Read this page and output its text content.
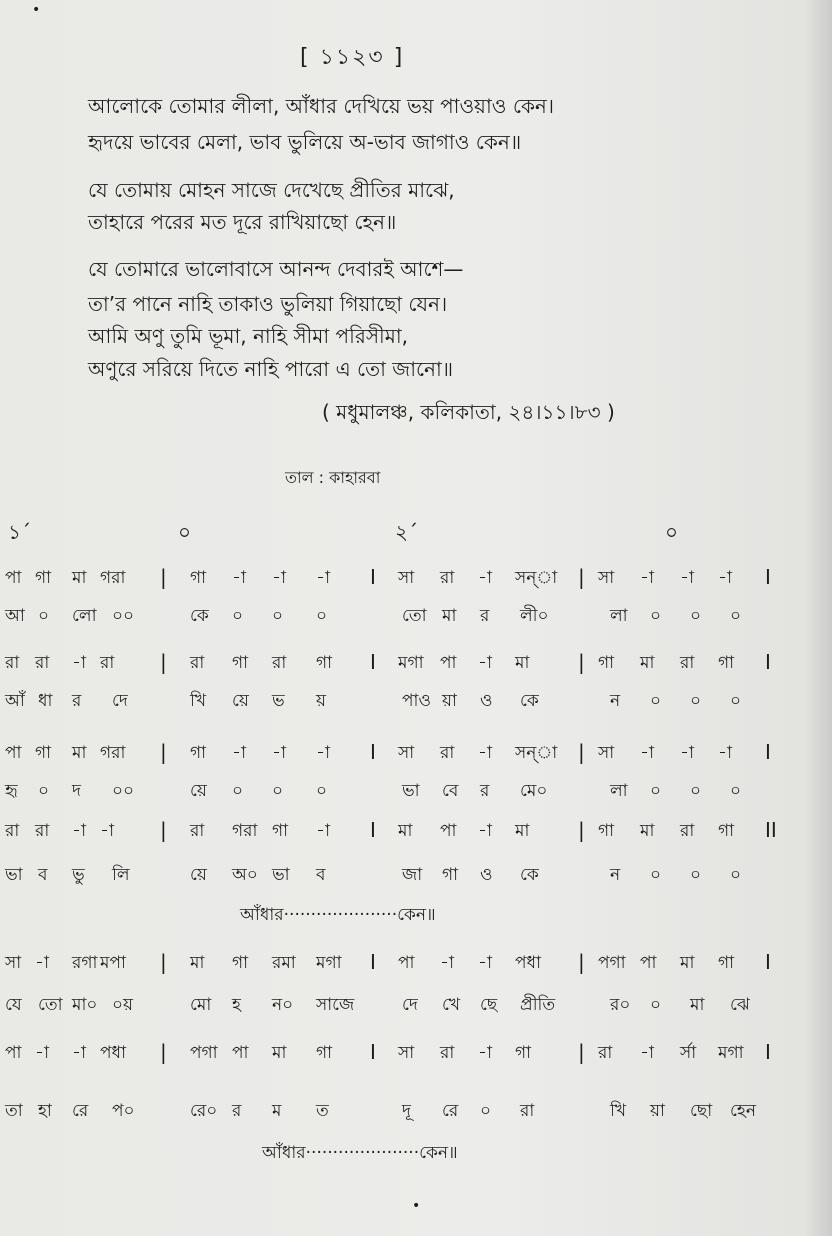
•
[ ১১২৩ ]
আলোকে তোমার লীলা, আঁধার দেখিয়ে ভয় পাওয়াও কেন।
হৃদয়ে ভাবের মেলা, ভাব ভুলিয়ে অ-ভাব জাগাও কেন॥
যে তোমায় মোহন সাজে দেখেছে প্রীতির মাঝে,
তাহারে পরের মত দূরে রাখিয়াছো হেন॥
যে তোমারে ভালোবাসে আনন্দ দেবারই আশে—
তা’র পানে নাহি তাকাও ভুলিয়া গিয়াছো যেন।
আমি অণু তুমি ভূমা, নাহি সীমা পরিসীমা,
অণুরে সরিয়ে দিতে নাহি পারো এ তো জানো॥
( মধুমালঞ্চ, কলিকাতা, ২৪।১১।৮৩ )
তাল : কাহারবা
১´	০	২´	০
পা গা মা গরা | গা -া -া -া I সা রা -া সন্া | সা -া -া -া I
আ ০ লো ০০	কে ০ ০ ০	তো মা র লী০	লা ০ ০ ০
রা রা -া রা | রা গা রা গা I মগা পা -া মা | গা মা রা গা I
আঁ ধা র দে	খি য়ে ভ য়	পাও য়া ও কে	ন ০ ০ ০
পা গা মা গরা | গা -া -া -া I সা রা -া সন্া | সা -া -া -া I
হৃ ০ দ ০০	য়ে ০ ০ ০	ভা বে র মে০	লা ০ ০ ০
রা রা -া -া | রা গরা গা -া I মা পা -া মা | গা মা রা গা II
ভা ব ভু লি	য়ে অ০ ভা ব	জা গা ও কে	ন ০ ০ ০
সা -া রগা মপা | মা গা রমা মগা I পা -া -া পধা | পগা পা মা গা I
যে তো মা০ ০য়	মো হ ন০ সাজে	দে খে ছে প্রীতি	র০ ০ মা ঝে
পা -া -া পধা | পগা পা মা গা I সা রা -া গা | রা -া র্সা মগা I
তা হা রে প০	রে০ র ম ত	দূ রে ০ রা	খি য়া ছো হেন
আঁধার·····················কেন॥
আঁধার·····················কেন॥
•
